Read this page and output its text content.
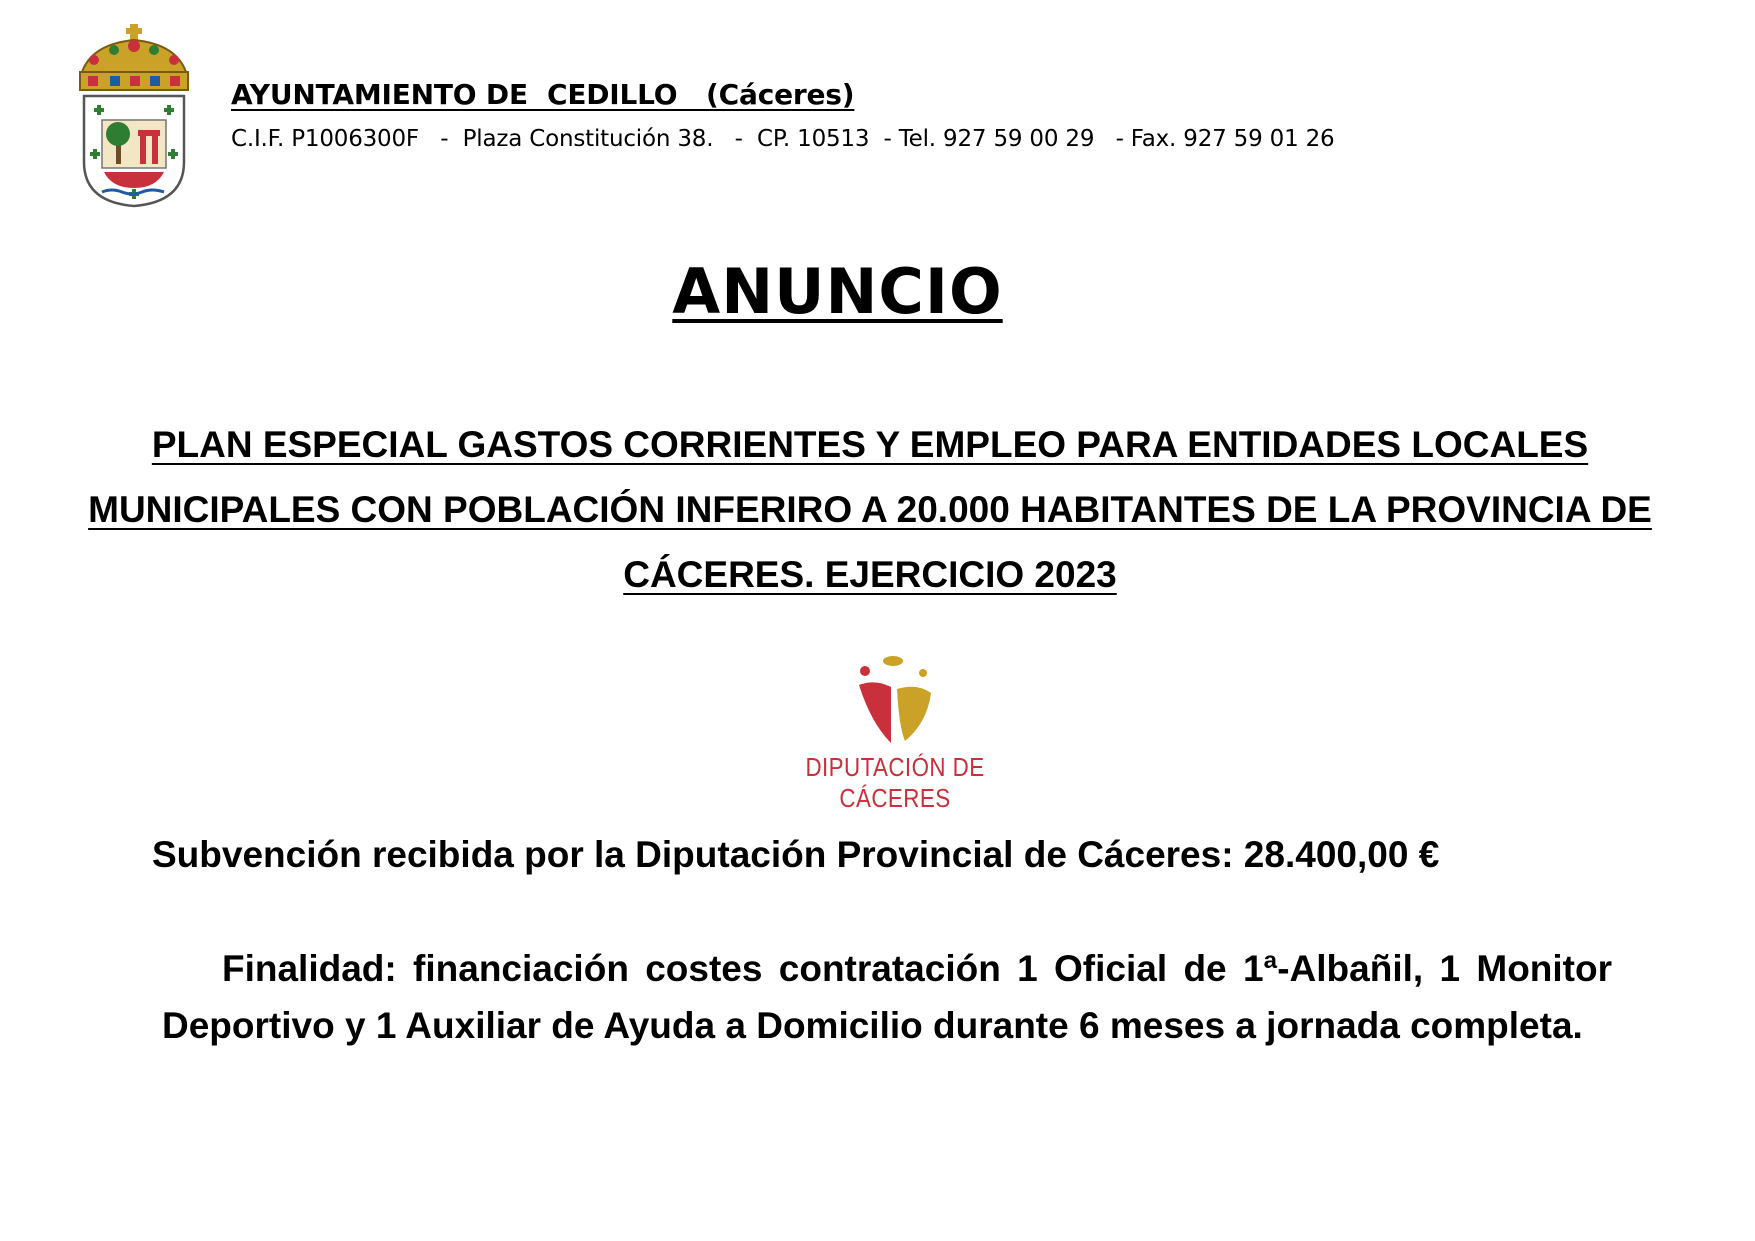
AYUNTAMIENTO DE  CEDILLO   (Cáceres)
C.I.F. P1006300F   -  Plaza Constitución 38.   -  CP. 10513  - Tel. 927 59 00 29   - Fax. 927 59 01 26
ANUNCIO
PLAN ESPECIAL GASTOS CORRIENTES Y EMPLEO PARA ENTIDADES LOCALES MUNICIPALES CON POBLACIÓN INFERIRO A 20.000 HABITANTES DE LA PROVINCIA DE CÁCERES. EJERCICIO 2023
DIPUTACIÓN DE CÁCERES
Subvención recibida por la Diputación Provincial de Cáceres: 28.400,00 €
Finalidad: financiación costes contratación 1 Oficial de 1ª-Albañil, 1 Monitor Deportivo y 1 Auxiliar de Ayuda a Domicilio durante 6 meses a jornada completa.
